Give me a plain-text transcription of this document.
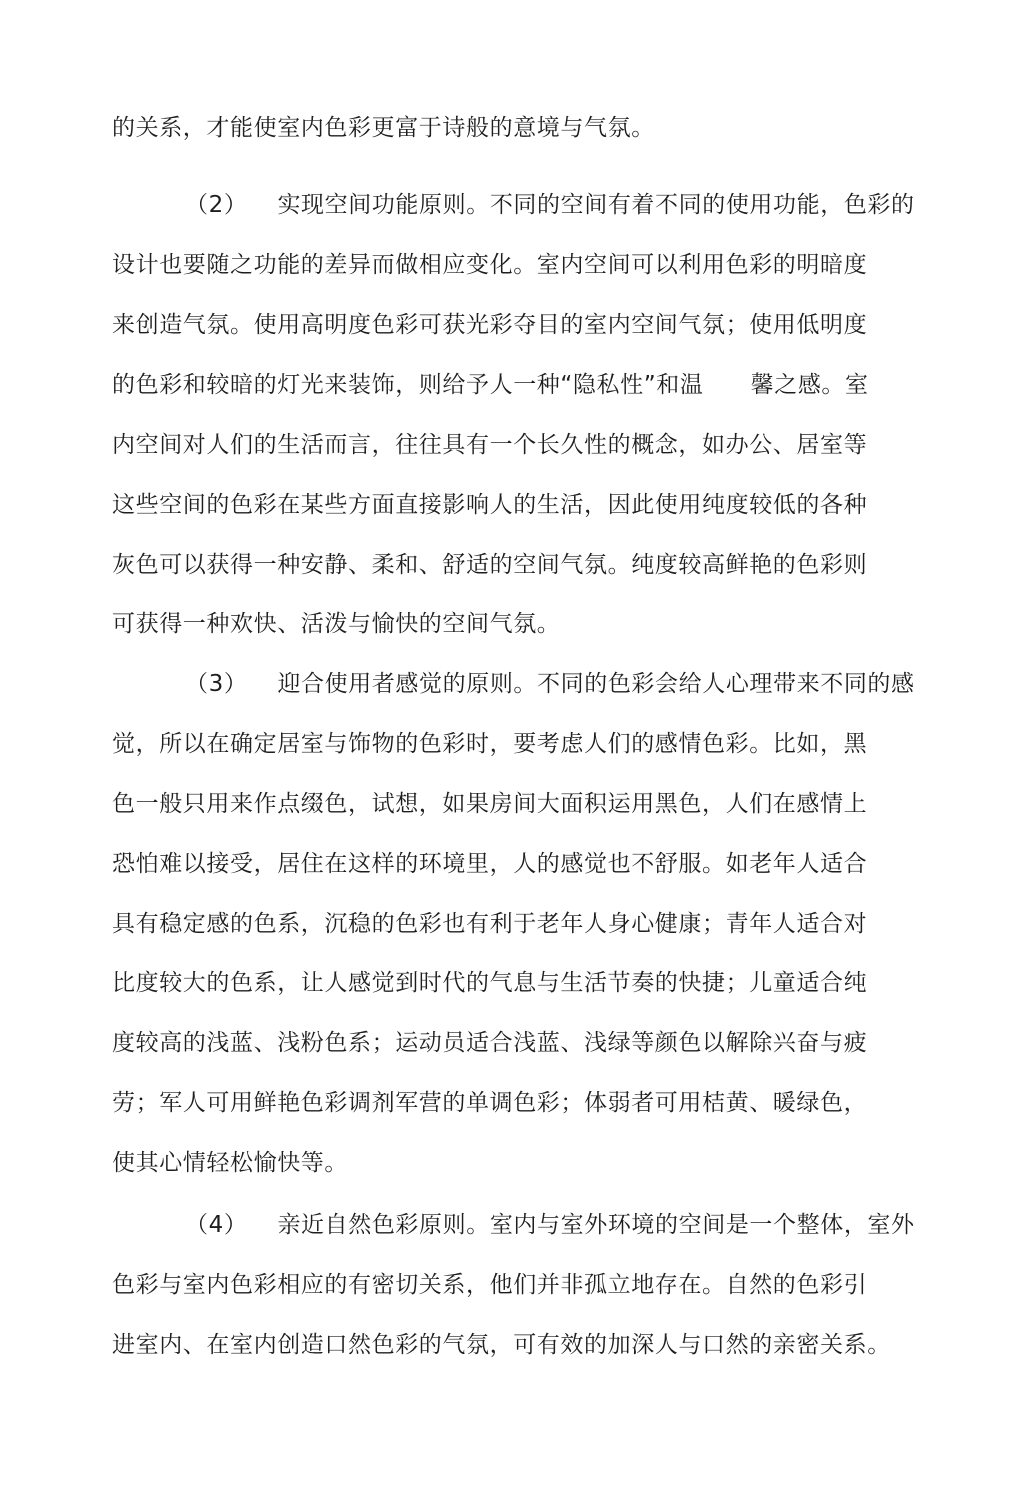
的关系，才能使室内色彩更富于诗般的意境与气氛。
（2） 实现空间功能原则。不同的空间有着不同的使用功能，色彩的
设计也要随之功能的差异而做相应变化。室内空间可以利用色彩的明暗度
来创造气氛。使用高明度色彩可获光彩夺目的室内空间气氛；使用低明度
的色彩和较暗的灯光来装饰，则给予人一种“隐私性”和温　　馨之感。室
内空间对人们的生活而言，往往具有一个长久性的概念，如办公、居室等
这些空间的色彩在某些方面直接影响人的生活，因此使用纯度较低的各种
灰色可以获得一种安静、柔和、舒适的空间气氛。纯度较高鲜艳的色彩则
可获得一种欢快、活泼与愉快的空间气氛。
（3） 迎合使用者感觉的原则。不同的色彩会给人心理带来不同的感
觉，所以在确定居室与饰物的色彩时，要考虑人们的感情色彩。比如，黑
色一般只用来作点缀色，试想，如果房间大面积运用黑色，人们在感情上
恐怕难以接受，居住在这样的环境里，人的感觉也不舒服。如老年人适合
具有稳定感的色系，沉稳的色彩也有利于老年人身心健康；青年人适合对
比度较大的色系，让人感觉到时代的气息与生活节奏的快捷；儿童适合纯
度较高的浅蓝、浅粉色系；运动员适合浅蓝、浅绿等颜色以解除兴奋与疲
劳；军人可用鲜艳色彩调剂军营的单调色彩；体弱者可用桔黄、暖绿色，
使其心情轻松愉快等。
（4） 亲近自然色彩原则。室内与室外环境的空间是一个整体，室外
色彩与室内色彩相应的有密切关系，他们并非孤立地存在。自然的色彩引
进室内、在室内创造口然色彩的气氛，可有效的加深人与口然的亲密关系。
